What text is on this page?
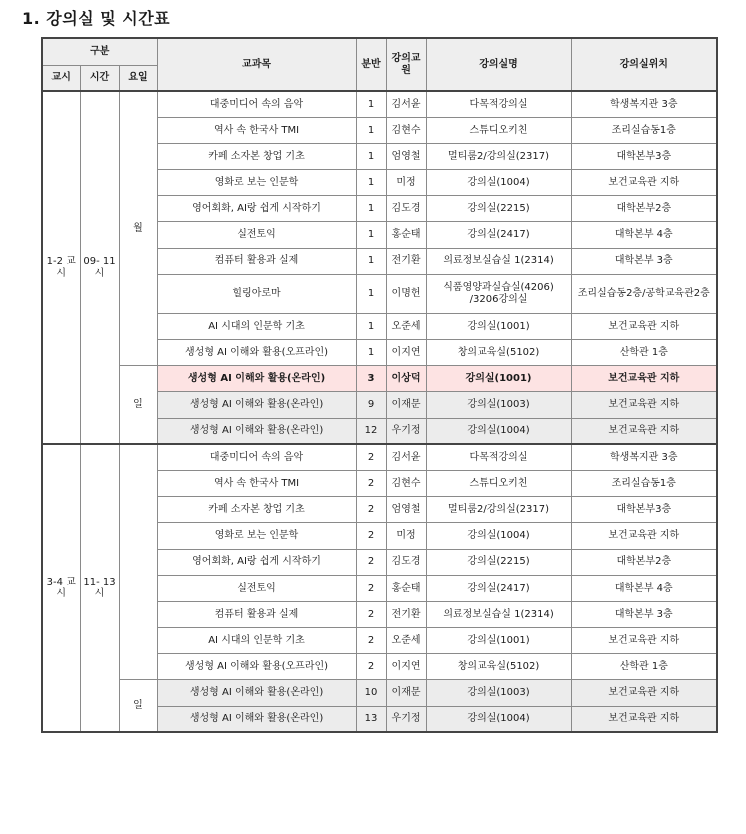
1. 강의실 및 시간표
구분			교과목	분반	강의교원	강의실명	강의실위치
교시	시간	요일					
1-2 교시	09- 11시	월	대중미디어 속의 음악	1	김서윤	다목적강의실	학생복지관 3층
			역사 속 한국사 TMI	1	김현수	스튜디오키친	조리실습동1층
			카페 소자본 창업 기초	1	엄영철	멀티룸2/강의실(2317)	대학본부3층
			영화로 보는 인문학	1	미정	강의실(1004)	보건교육관 지하
			영어회화, AI랑 쉽게 시작하기	1	김도경	강의실(2215)	대학본부2층
			실전토익	1	홍순태	강의실(2417)	대학본부 4층
			컴퓨터 활용과 실제	1	전기환	의료정보실습실 1(2314)	대학본부 3층
			힐링아로마	1	이명헌	식품영양과실습실(4206) /3206강의실	조리실습동2층/공학교육관2층
			AI 시대의 인문학 기초	1	오준세	강의실(1001)	보건교육관 지하
			생성형 AI 이해와 활용(오프라인)	1	이지연	창의교육실(5102)	산학관 1층
		일	생성형 AI 이해와 활용(온라인)	3	이상덕	강의실(1001)	보건교육관 지하
			생성형 AI 이해와 활용(온라인)	9	이재문	강의실(1003)	보건교육관 지하
			생성형 AI 이해와 활용(온라인)	12	우기정	강의실(1004)	보건교육관 지하
3-4 교시	11- 13시		대중미디어 속의 음악	2	김서윤	다목적강의실	학생복지관 3층
			역사 속 한국사 TMI	2	김현수	스튜디오키친	조리실습동1층
			카페 소자본 창업 기초	2	엄영철	멀티룸2/강의실(2317)	대학본부3층
			영화로 보는 인문학	2	미정	강의실(1004)	보건교육관 지하
			영어회화, AI랑 쉽게 시작하기	2	김도경	강의실(2215)	대학본부2층
			실전토익	2	홍순태	강의실(2417)	대학본부 4층
			컴퓨터 활용과 실제	2	전기환	의료정보실습실 1(2314)	대학본부 3층
			AI 시대의 인문학 기초	2	오준세	강의실(1001)	보건교육관 지하
			생성형 AI 이해와 활용(오프라인)	2	이지연	창의교육실(5102)	산학관 1층
		일	생성형 AI 이해와 활용(온라인)	10	이재문	강의실(1003)	보건교육관 지하
			생성형 AI 이해와 활용(온라인)	13	우기정	강의실(1004)	보건교육관 지하
